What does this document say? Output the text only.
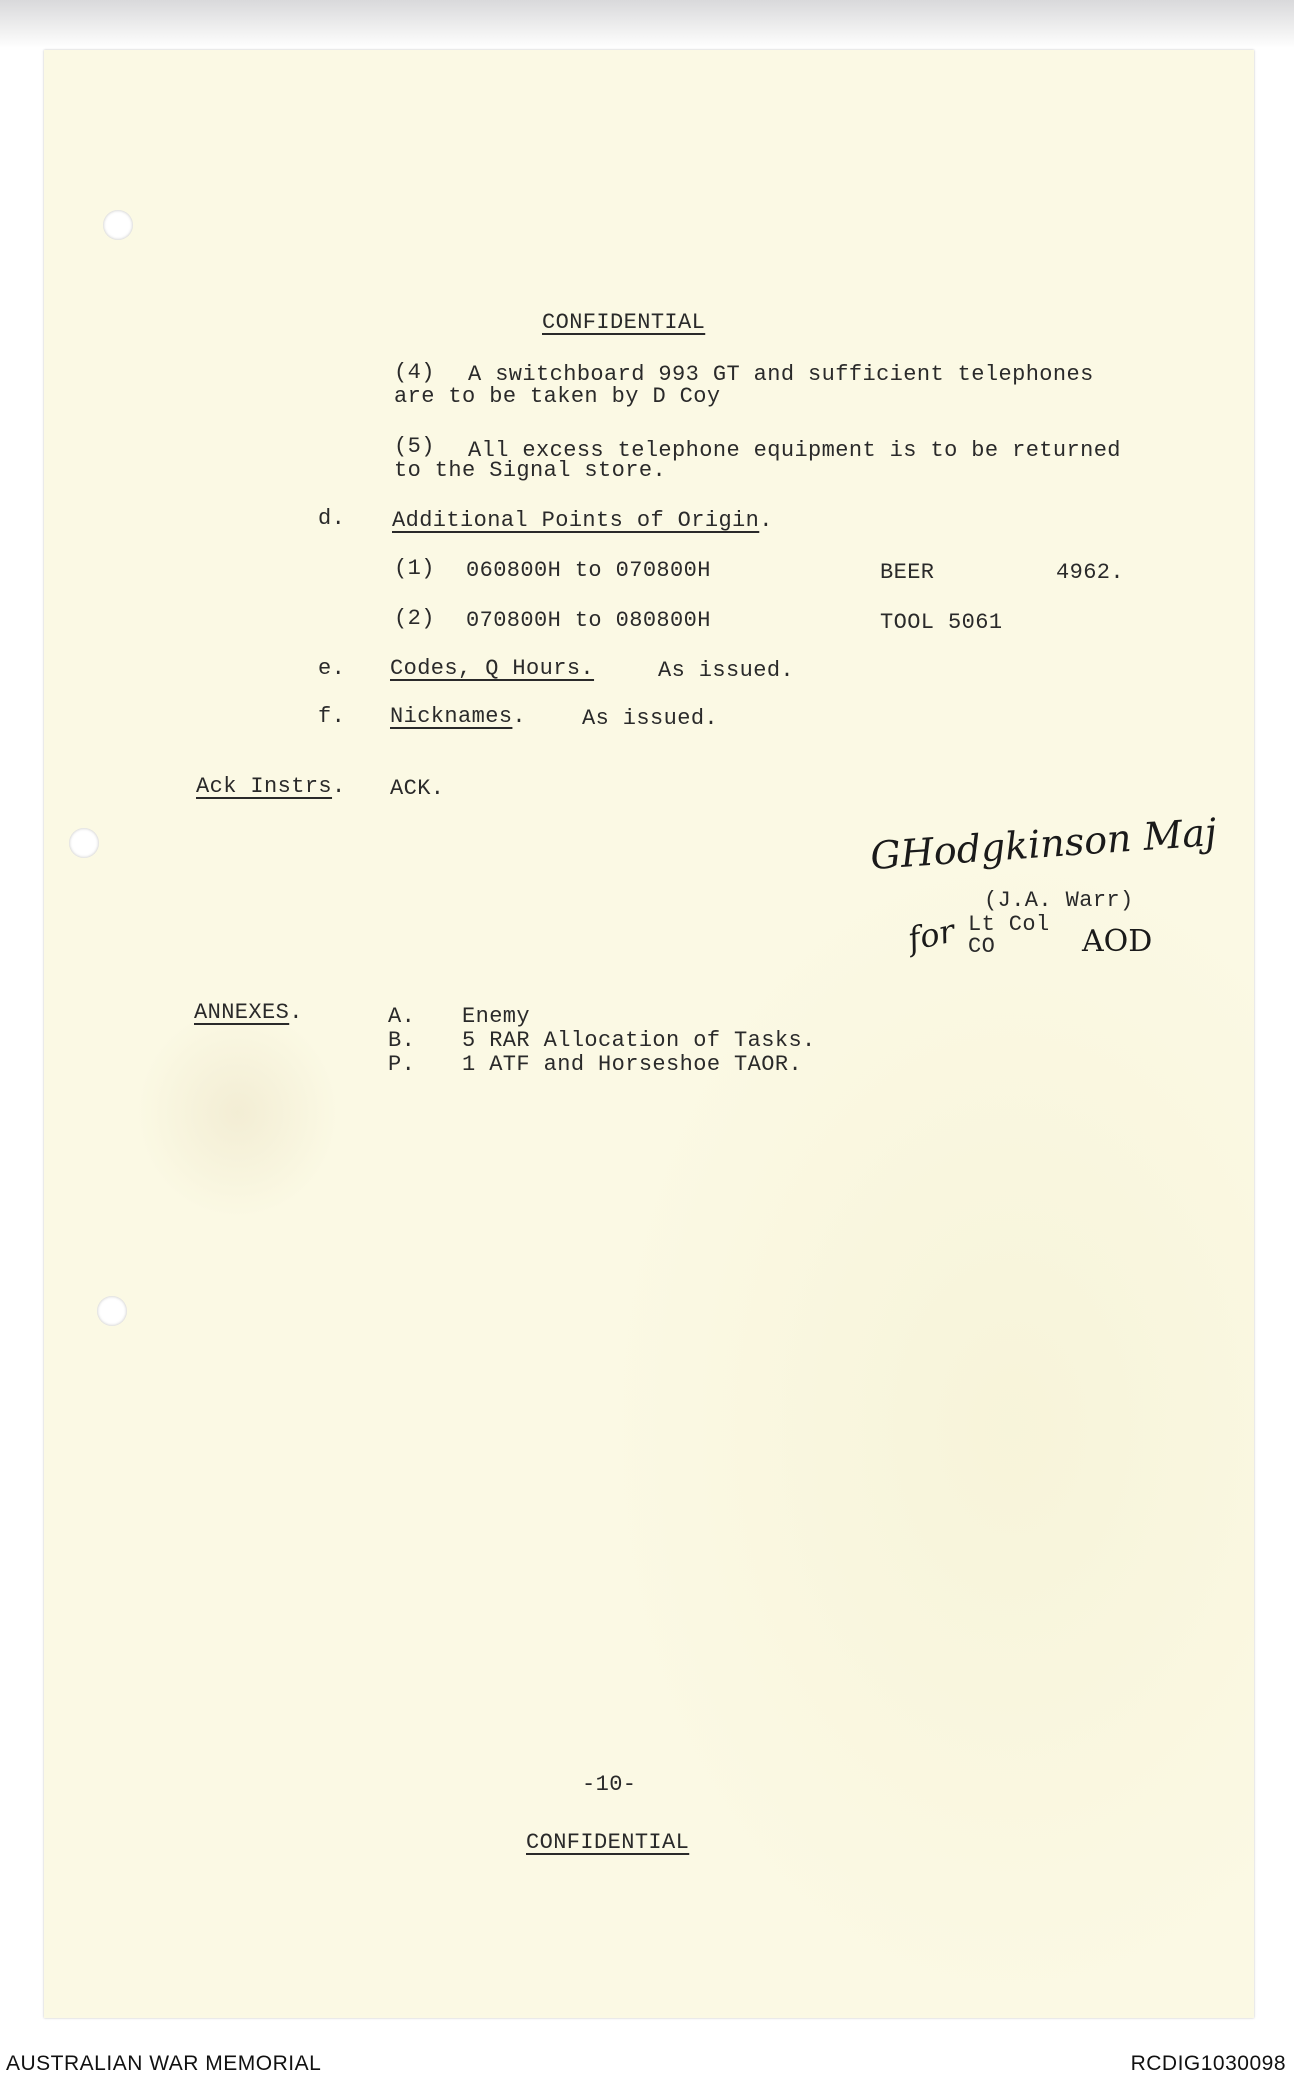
CONFIDENTIAL
(4) A switchboard 993 GT and sufficient telephones
are to be taken by D Coy
(5) All excess telephone equipment is to be returned
to the Signal store.
d. Additional Points of Origin.
(1) 060800H to 070800H	BEER	4962.
(2) 070800H to 080800H	TOOL 5061
e. Codes, Q Hours.	As issued.
f. Nicknames.	As issued.
Ack Instrs. ACK.
GHodgkinson Maj
(J.A. Warr)
Lt Col
CO
for	AOD
ANNEXES.	A. Enemy
B. 5 RAR Allocation of Tasks.
P. 1 ATF and Horseshoe TAOR.
-10-
CONFIDENTIAL
AUSTRALIAN WAR MEMORIAL	RCDIG1030098
